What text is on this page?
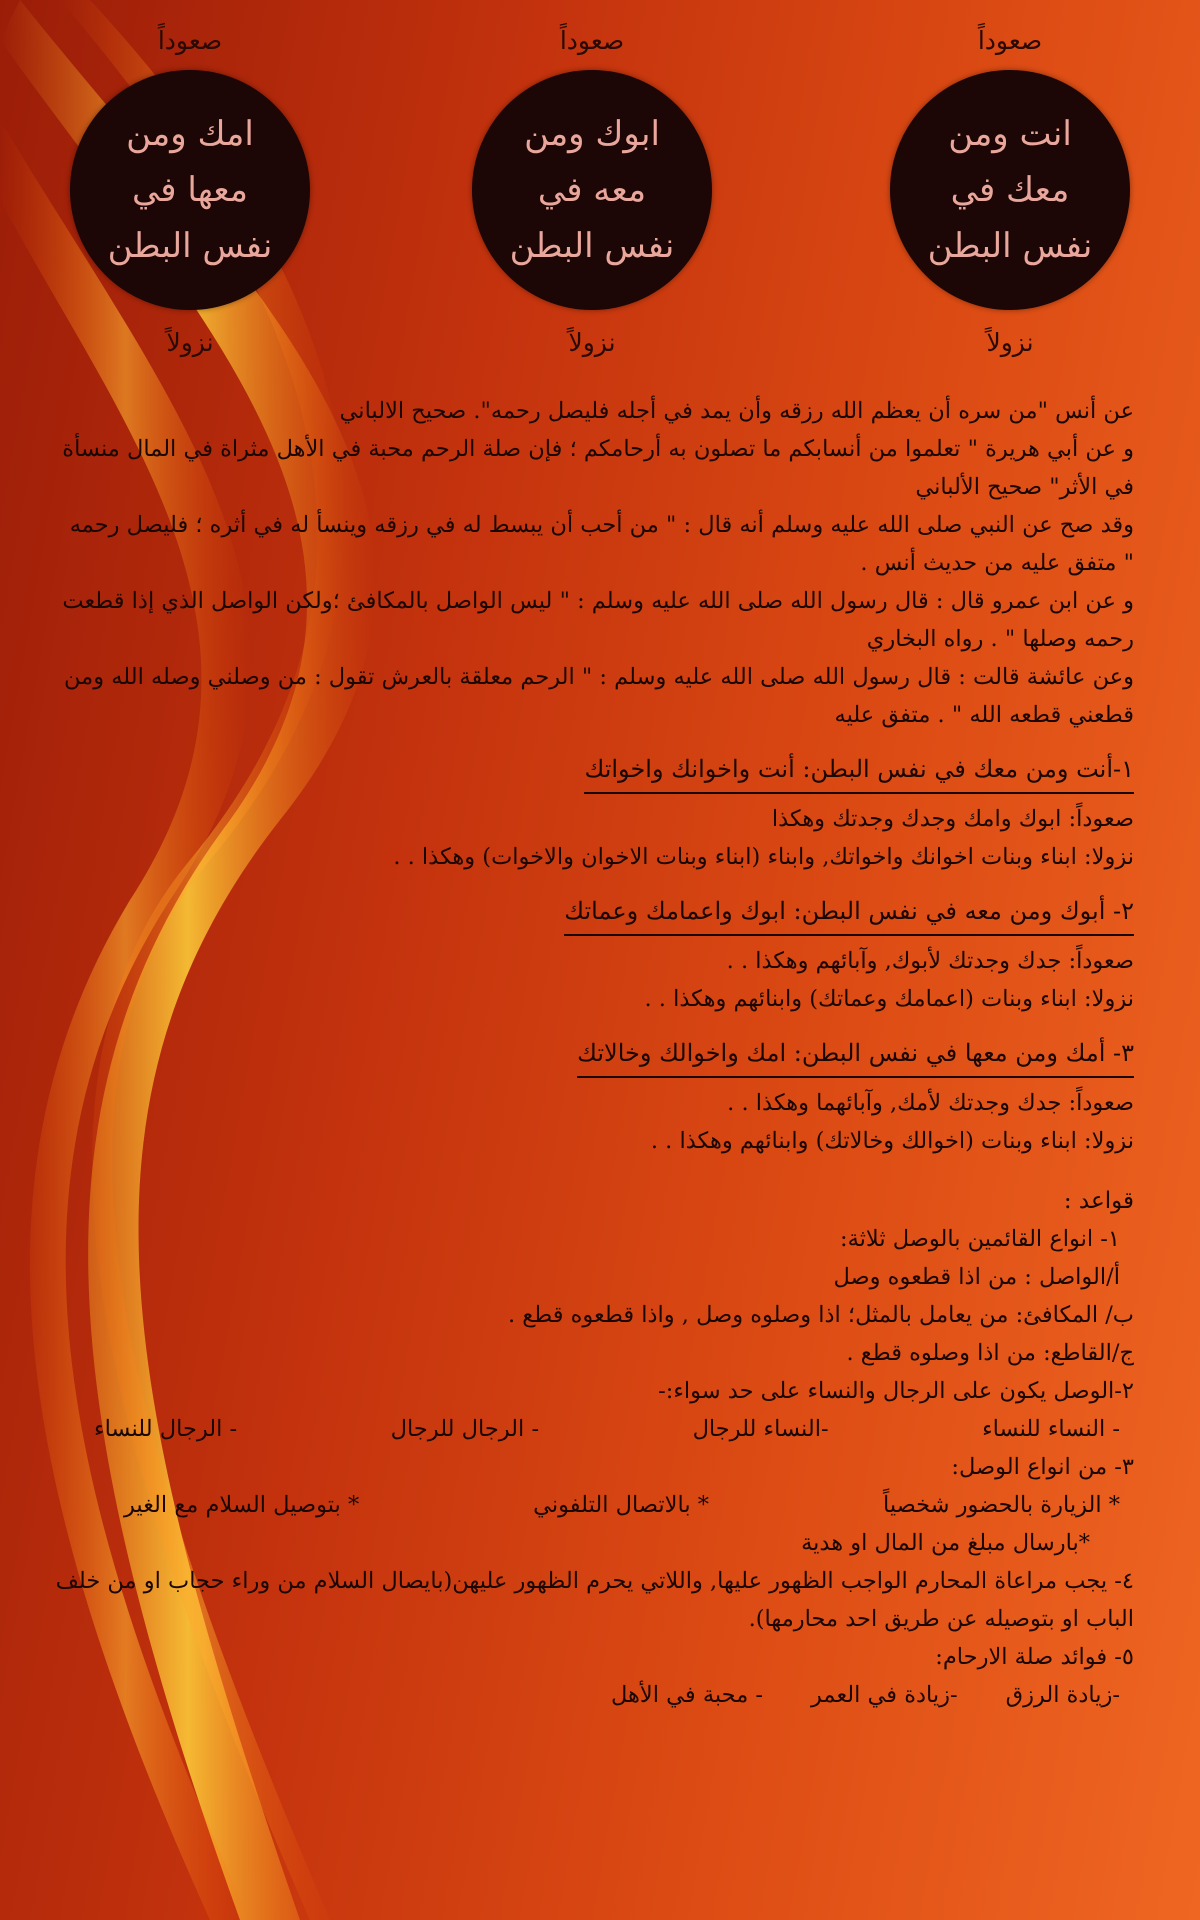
صعوداً
انت ومن
معك في
نفس البطن
نزولاً
صعوداً
ابوك ومن
معه في
نفس البطن
نزولاً
صعوداً
امك ومن
معها في
نفس البطن
نزولاً

عن أنس "من سره أن يعظم الله رزقه وأن يمد في أجله فليصل رحمه". صحيح الالباني

و عن أبي هريرة " تعلموا من أنسابكم ما تصلون به أرحامكم ؛ فإن صلة الرحم محبة في الأهل مثراة في المال منسأة في الأثر" صحيح الألباني

وقد صح عن النبي صلى الله عليه وسلم أنه قال : " من أحب أن يبسط له في رزقه وينسأ له في أثره ؛ فليصل رحمه " متفق عليه من حديث أنس .

و عن ابن عمرو قال : قال رسول الله صلى الله عليه وسلم : " ليس الواصل بالمكافئ ؛ولكن الواصل الذي إذا قطعت رحمه وصلها " . رواه البخاري

وعن عائشة قالت : قال رسول الله صلى الله عليه وسلم : " الرحم معلقة بالعرش تقول : من وصلني وصله الله ومن قطعني قطعه الله " . متفق عليه

١-أنت ومن معك في نفس البطن: أنت واخوانك واخواتك

صعوداً: ابوك وامك وجدك وجدتك وهكذا

نزولا: ابناء وبنات اخوانك واخواتك, وابناء (ابناء وبنات الاخوان والاخوات) وهكذا . .

٢- أبوك ومن معه في نفس البطن: ابوك واعمامك وعماتك

صعوداً: جدك وجدتك لأبوك, وآبائهم وهكذا . .

نزولا: ابناء وبنات (اعمامك وعماتك) وابنائهم وهكذا . .

٣- أمك ومن معها في نفس البطن: امك واخوالك وخالاتك

صعوداً: جدك وجدتك لأمك, وآبائهما وهكذا . .

نزولا: ابناء وبنات (اخوالك وخالاتك) وابنائهم وهكذا . .

قواعد :

١- انواع القائمين بالوصل ثلاثة:

أ/الواصل : من اذا قطعوه وصل

ب/ المكافئ: من يعامل بالمثل؛ اذا وصلوه وصل , واذا قطعوه قطع .

ج/القاطع: من اذا وصلوه قطع .

٢-الوصل يكون على الرجال والنساء على حد سواء:-

- النساء للنساء
-النساء للرجال
- الرجال للرجال
- الرجال للنساء

٣- من انواع الوصل:

* الزيارة بالحضور شخصياً
* بالاتصال التلفوني
* بتوصيل السلام مع الغير

*بارسال مبلغ من المال او هدية

٤- يجب مراعاة المحارم الواجب الظهور عليها, واللاتي يحرم الظهور عليهن(بايصال السلام من وراء حجاب او من خلف الباب او بتوصيله عن طريق احد محارمها).

٥- فوائد صلة الارحام:

-زيادة الرزق
-زيادة في العمر
- محبة في الأهل
